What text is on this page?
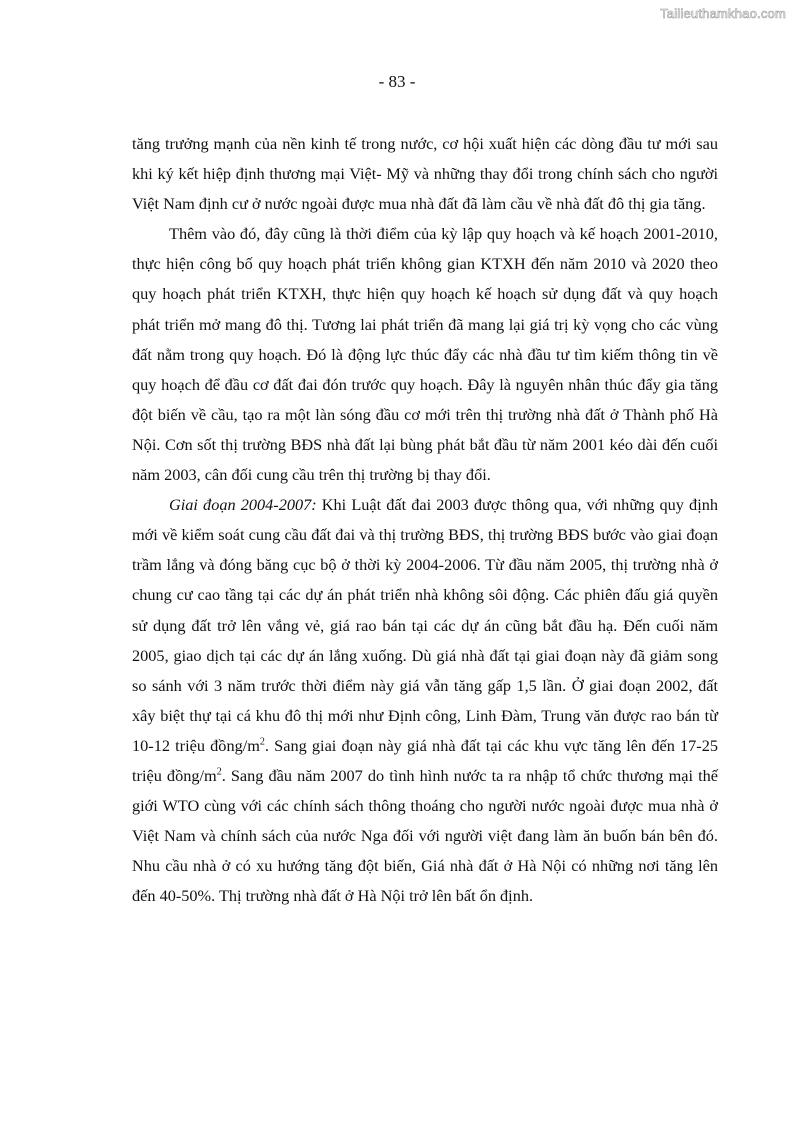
Tailieuthamkhao.com
- 83 -

tăng trưởng mạnh của nền kinh tế trong nước, cơ hội xuất hiện các dòng đầu tư mới sau khi ký kết hiệp định thương mại Việt- Mỹ và những thay đổi trong chính sách cho người Việt Nam định cư ở nước ngoài được mua nhà đất đã làm cầu về nhà đất đô thị gia tăng.

Thêm vào đó, đây cũng là thời điểm của kỳ lập quy hoạch và kế hoạch 2001-2010, thực hiện công bố quy hoạch phát triển không gian KTXH đến năm 2010 và 2020 theo quy hoạch phát triển KTXH, thực hiện quy hoạch kế hoạch sử dụng đất và quy hoạch phát triển mở mang đô thị. Tương lai phát triển đã mang lại giá trị kỳ vọng cho các vùng đất nằm trong quy hoạch. Đó là động lực thúc đẩy các nhà đầu tư tìm kiếm thông tin về quy hoạch để đầu cơ đất đai đón trước quy hoạch. Đây là nguyên nhân thúc đẩy gia tăng đột biến về cầu, tạo ra một làn sóng đầu cơ mới trên thị trường nhà đất ở Thành phố Hà Nội. Cơn sốt thị trường BĐS nhà đất lại bùng phát bắt đầu từ năm 2001 kéo dài đến cuối năm 2003, cân đối cung cầu trên thị trường bị thay đổi.

Giai đoạn 2004-2007: Khi Luật đất đai 2003 được thông qua, với những quy định mới về kiểm soát cung cầu đất đai và thị trường BĐS, thị trường BĐS bước vào giai đoạn trầm lắng và đóng băng cục bộ ở thời kỳ 2004-2006. Từ đầu năm 2005, thị trường nhà ở chung cư cao tầng tại các dự án phát triển nhà không sôi động. Các phiên đấu giá quyền sử dụng đất trở lên vắng vẻ, giá rao bán tại các dự án cũng bắt đầu hạ. Đến cuối năm 2005, giao dịch tại các dự án lắng xuống. Dù giá nhà đất tại giai đoạn này đã giảm song so sánh với 3 năm trước thời điểm này giá vẫn tăng gấp 1,5 lần. Ở giai đoạn 2002, đất xây biệt thự tại cá khu đô thị mới như Định công, Linh Đàm, Trung văn được rao bán từ 10-12 triệu đồng/$m^2$. Sang giai đoạn này giá nhà đất tại các khu vực tăng lên đến 17-25 triệu đồng/$m^2$. Sang đầu năm 2007 do tình hình nước ta ra nhập tổ chức thương mại thế giới WTO cùng với các chính sách thông thoáng cho người nước ngoài được mua nhà ở Việt Nam và chính sách của nước Nga đối với người việt đang làm ăn buốn bán bên đó. Nhu cầu nhà ở có xu hướng tăng đột biến, Giá nhà đất ở Hà Nội có những nơi tăng lên đến 40-50%. Thị trường nhà đất ở Hà Nội trở lên bất ổn định.
